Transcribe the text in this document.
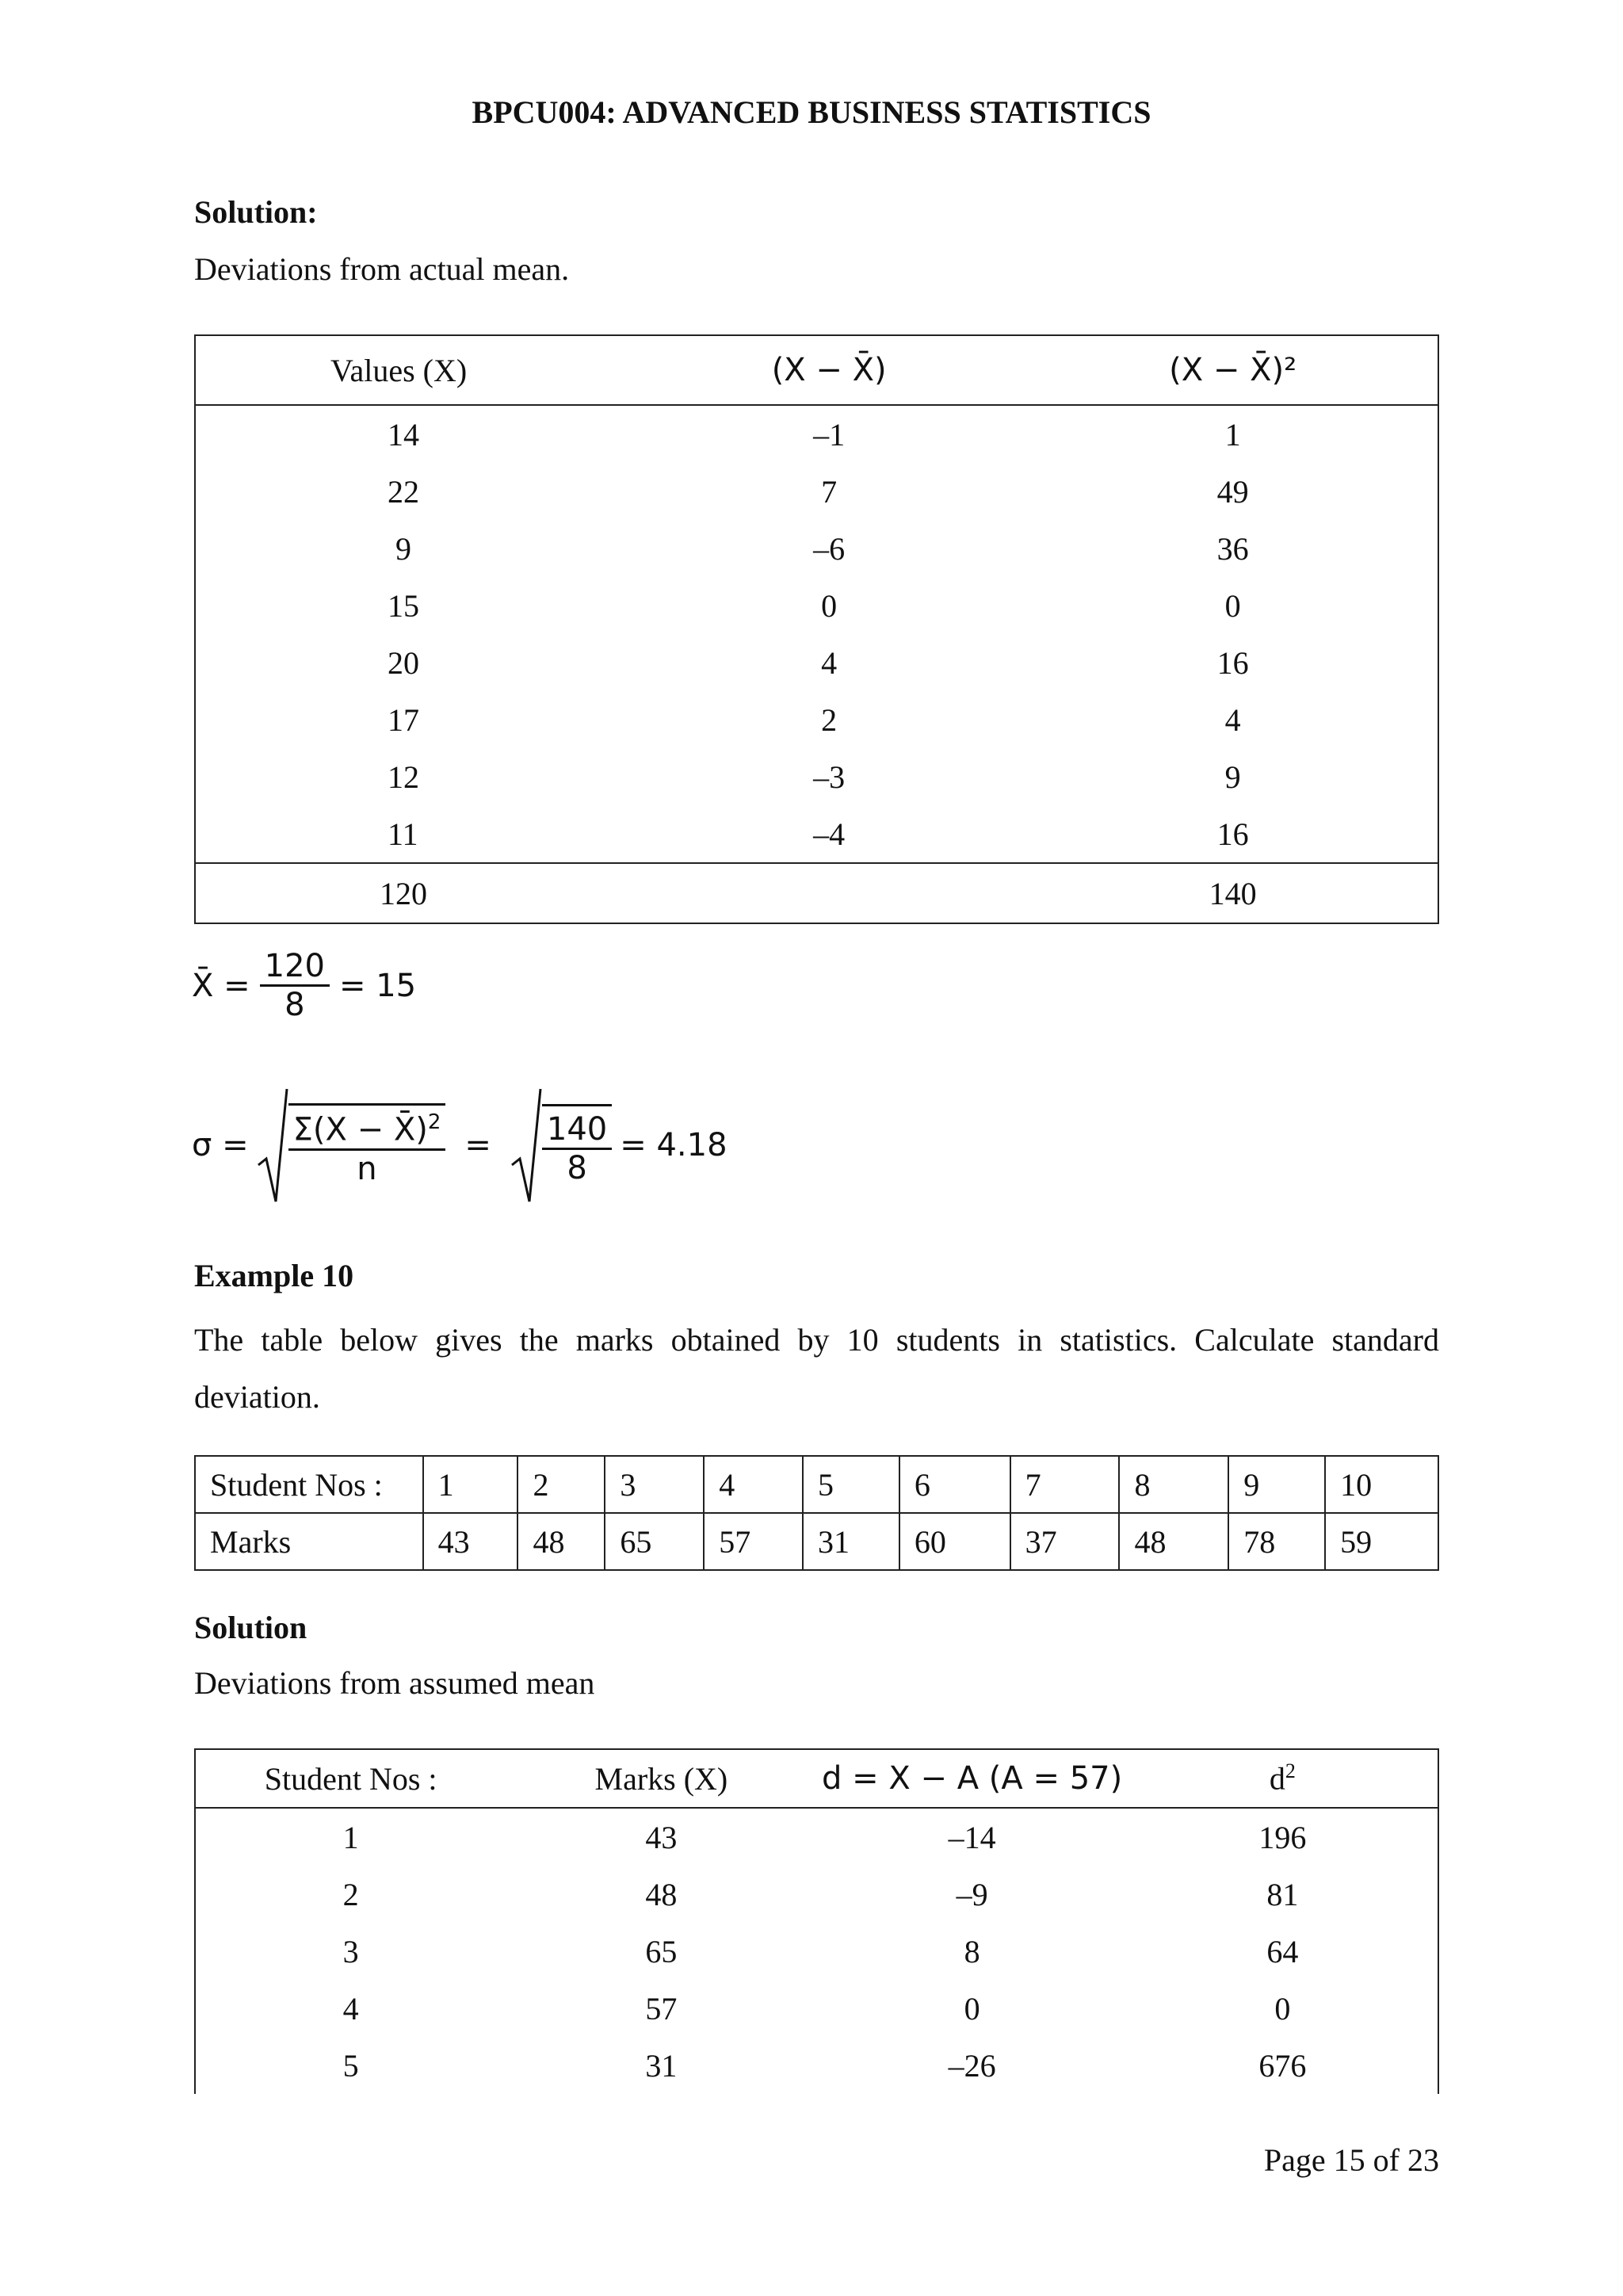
BPCU004: ADVANCED BUSINESS STATISTICS
Solution:
Deviations from actual mean.
Values (X)	(X − X̄)	(X − X̄)²
14	–1	1
22	7	49
9	–6	36
15	0	0
20	4	16
17	2	4
12	–3	9
11	–4	16
120		140
X̄ = $\frac{120}{8} = 15$
$\sigma = \frac{\Sigma(X - X̄)^2}{n} = \frac{140}{8} = 4.18$
Example 10
The table below gives the marks obtained by 10 students in statistics. Calculate standard deviation.
Student Nos :	1	2	3	4	5	6	7	8	9	10
Marks	43	48	65	57	31	60	37	48	78	59
Solution
Deviations from assumed mean
Student Nos :	Marks (X)	d = X − A (A = 57)	$d^2$
1	43	–14	196
2	48	–9	81
3	65	8	64
4	57	0	0
5	31	–26	676
Page 15 of 23
